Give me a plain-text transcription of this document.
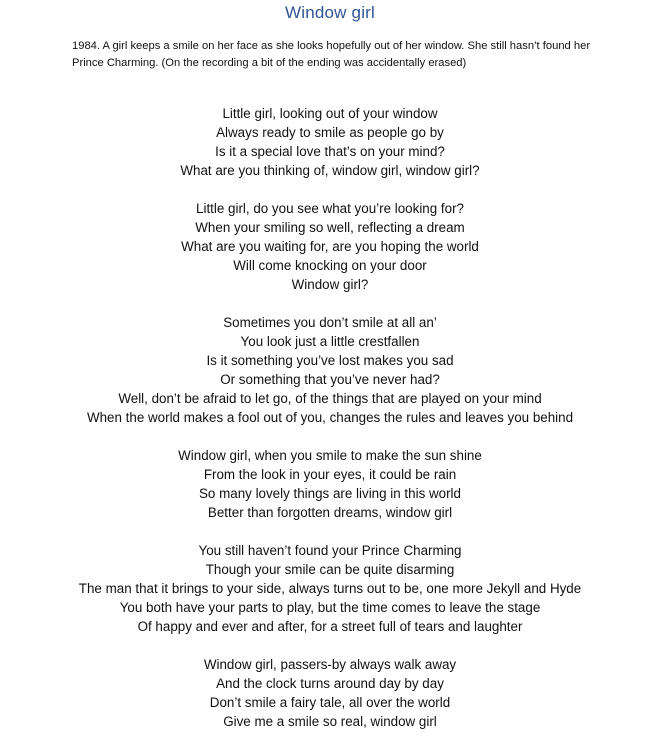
Window girl
1984. A girl keeps a smile on her face as she looks hopefully out of her window. She still hasn’t found her Prince Charming. (On the recording a bit of the ending was accidentally erased)
Little girl, looking out of your window
Always ready to smile as people go by
Is it a special love that’s on your mind?
What are you thinking of, window girl, window girl?
Little girl, do you see what you’re looking for?
When your smiling so well, reflecting a dream
What are you waiting for, are you hoping the world
Will come knocking on your door
Window girl?
Sometimes you don’t smile at all an’
You look just a little crestfallen
Is it something you’ve lost makes you sad
Or something that you’ve never had?
Well, don’t be afraid to let go, of the things that are played on your mind
When the world makes a fool out of you, changes the rules and leaves you behind
Window girl, when you smile to make the sun shine
From the look in your eyes, it could be rain
So many lovely things are living in this world
Better than forgotten dreams, window girl
You still haven’t found your Prince Charming
Though your smile can be quite disarming
The man that it brings to your side, always turns out to be, one more Jekyll and Hyde
You both have your parts to play, but the time comes to leave the stage
Of happy and ever and after, for a street full of tears and laughter
Window girl, passers-by always walk away
And the clock turns around day by day
Don’t smile a fairy tale, all over the world
Give me a smile so real, window girl
